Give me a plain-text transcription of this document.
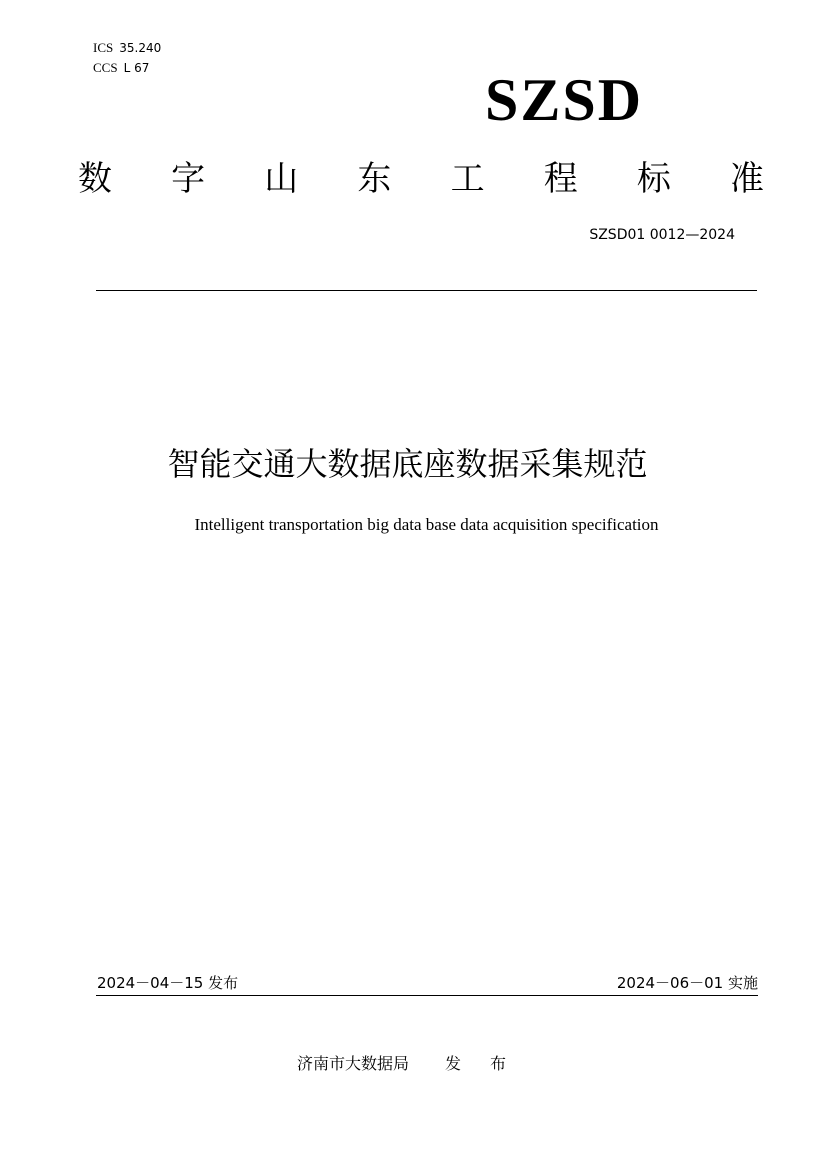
ICS 35.240
CCS L 67	SZSD
数 字 山 东 工 程 标 准
SZSD01 0012—2024
智能交通大数据底座数据采集规范
Intelligent transportation big data base data acquisition specification
2024－04－15 发布	2024－06－01 实施
济南市大数据局 发 布
